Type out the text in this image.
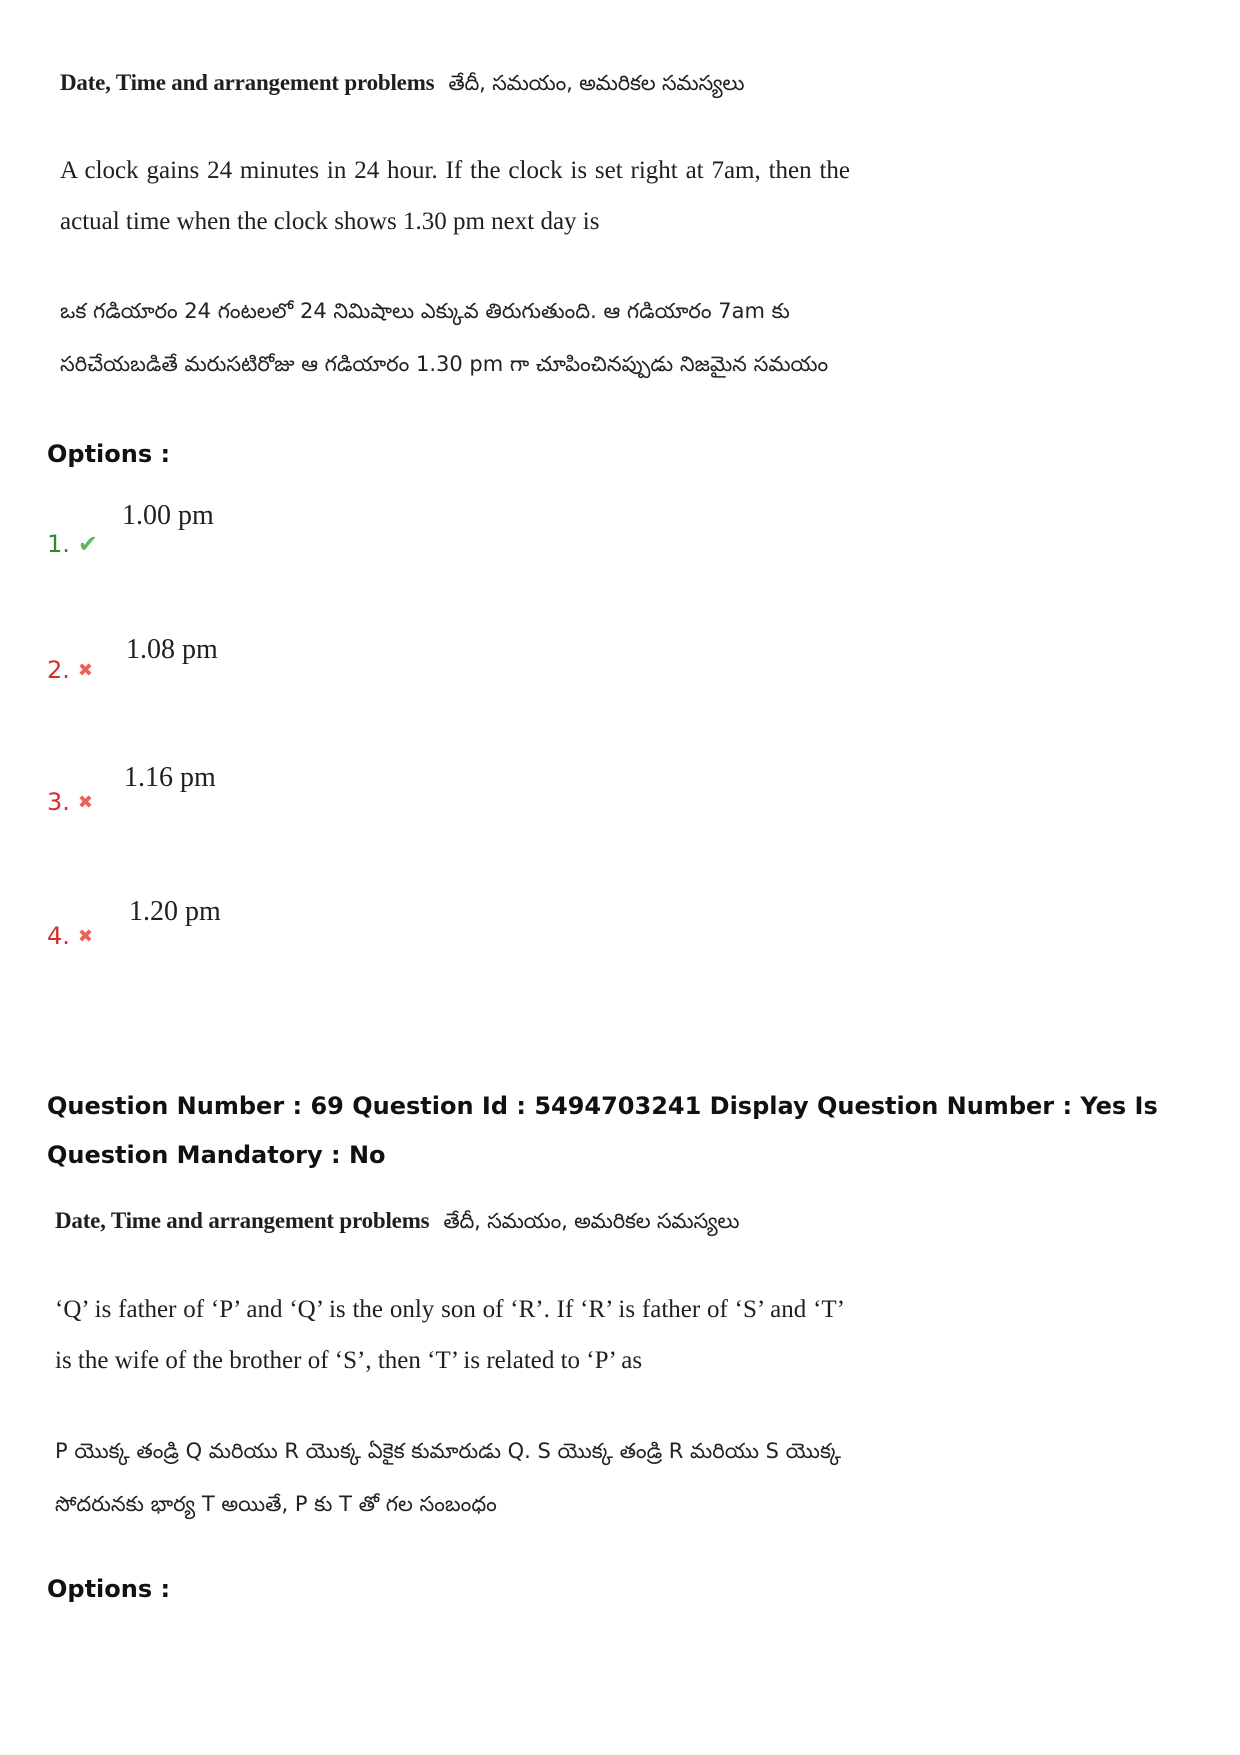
Date, Time and arrangement problems తేదీ, సమయం, అమరికల సమస్యలు
A clock gains 24 minutes in 24 hour. If the clock is set right at 7am, then the actual time when the clock shows 1.30 pm next day is
ఒక గడియారం 24 గంటలలో 24 నిమిషాలు ఎక్కువ తిరుగుతుంది. ఆ గడియారం 7am కు సరిచేయబడితే మరుసటిరోజు ఆ గడియారం 1.30 pm గా చూపించినప్పుడు నిజమైన సమయం
Options :
1. ✔
1.00 pm
2. ✖
1.08 pm
3. ✖
1.16 pm
4. ✖
1.20 pm
Question Number : 69 Question Id : 5494703241 Display Question Number : Yes Is Question Mandatory : No
Date, Time and arrangement problems తేదీ, సమయం, అమరికల సమస్యలు
‘Q’ is father of ‘P’ and ‘Q’ is the only son of ‘R’. If ‘R’ is father of ‘S’ and ‘T’ is the wife of the brother of ‘S’, then ‘T’ is related to ‘P’ as
P యొక్క తండ్రి Q మరియు R యొక్క ఏకైక కుమారుడు Q. S యొక్క తండ్రి R మరియు S యొక్క సోదరునకు భార్య T అయితే, P కు T తో గల సంబంధం
Options :
